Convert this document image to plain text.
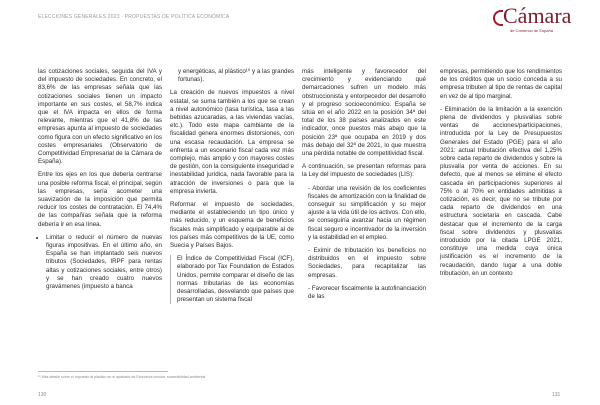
ELECCIONES GENERALES 2023 · PROPUESTAS DE POLÍTICA ECONÓMICA	Cámara
de Comercio de España

las cotizaciones sociales, seguida del IVA y del impuesto de sociedades. En concreto, el 83,6% de las empresas señala que las cotizaciones sociales tienen un impacto importante en sus costes, el 58,7% indica que el IVA impacta en ellos de forma relevante, mientras que el 41,8% de las empresas apunta al impuesto de sociedades como figura con un efecto significativo en los costes empresariales (Observatorio de Competitividad Empresarial de la Cámara de España).

Entre los ejes en los que debería centrarse una posible reforma fiscal, el principal, según las empresas, sería acometer una suavización de la imposición que permita reducir los costes de contratación. El 74,4% de las compañías señala que la reforma debería ir en esa línea.

• Limitar o reducir el número de nuevas figuras impositivas. En el último año, en España se han implantado seis nuevos tributos (Sociedades, IRPF para rentas altas y cotizaciones sociales, entre otros) y se han creado cuatro nuevos gravámenes (impuesto a banca

y energéticas, al plástico¹⁰ y a las grandes fortunas).

La creación de nuevos impuestos a nivel estatal, se suma también a los que se crean a nivel autonómico (tasa turística, tasa a las bebidas azucaradas, a las viviendas vacías, etc.). Todo este mapa cambiante de la fiscalidad genera enormes distorsiones, con una escasa recaudación. La empresa se enfrenta a un escenario fiscal cada vez más complejo, más amplio y con mayores costes de gestión, con la consiguiente inseguridad e inestabilidad jurídica, nada favorable para la atracción de inversiones o para que la empresa invierta.

Reformar el impuesto de sociedades, mediante el estableciendo un tipo único y más reducido, y un esquema de beneficios fiscales más simplificado y equiparable al de los países más competitivos de la UE, como Suecia y Países Bajos.

El Índice de Competitividad Fiscal (ICF), elaborado por Tax Foundation de Estados Unidos, permite comparar el diseño de las normas tributarias de las economías desarrolladas, desvelando que países que presentan un sistema fiscal

más inteligente y favorecedor del crecimiento y evidenciando qué demarcaciones sufren un modelo más obstruccionista y entorpecedor del desarrollo y el progreso socioeconómico. España se sitúa en el año 2022 en la posición 34ª del total de los 38 países analizados en este indicador, once puestos más abajo que la posición 23ª que ocupaba en 2019 y dos más debajo del 32ª de 2021, lo que muestra una pérdida notable de competitividad fiscal.

A continuación, se presentan reformas para la Ley del impuesto de sociedades (LIS):

- Abordar una revisión de los coeficientes fiscales de amortización con la finalidad de conseguir su simplificación y su mejor ajuste a la vida útil de los activos. Con ello, se conseguiría avanzar hacia un régimen fiscal seguro e incentivador de la inversión y la estabilidad en el empleo.

- Eximir de tributación los beneficios no distribuidos en el impuesto sobre Sociedades, para recapitalizar las empresas.

- Favorecer fiscalmente la autofinanciación de las

empresas, permitiendo que los rendimientos de los créditos que un socio conceda a su empresa tributen al tipo de rentas de capital en vez de al tipo marginal.

- Eliminación de la limitación a la exención plena de dividendos y plusvalías sobre ventas de acciones/participaciones, introducida por la Ley de Presupuestos Generales del Estado (PGE) para el año 2021: actual tributación efectiva del 1,25% sobre cada reparto de dividendos y sobre la plusvalía por venta de acciones. En su defecto, que al menos se elimine el efecto cascada en participaciones superiores al 75% o al 70% en entidades admitidas a cotización, es decir, que no se tribute por cada reparto de dividendos en una estructura societaria en cascada. Cabe destacar que el incremento de la carga fiscal sobre dividendos y plusvalías introducido por la citada LPGE 2021, constituye una medida cuya única justificación es el incremento de la recaudación, dando lugar a una doble tributación, en un contexto

¹⁰ Más detalle sobre el impuesto al plástico en el apartado de Economía circular, sostenibilidad ambiental
130	131
